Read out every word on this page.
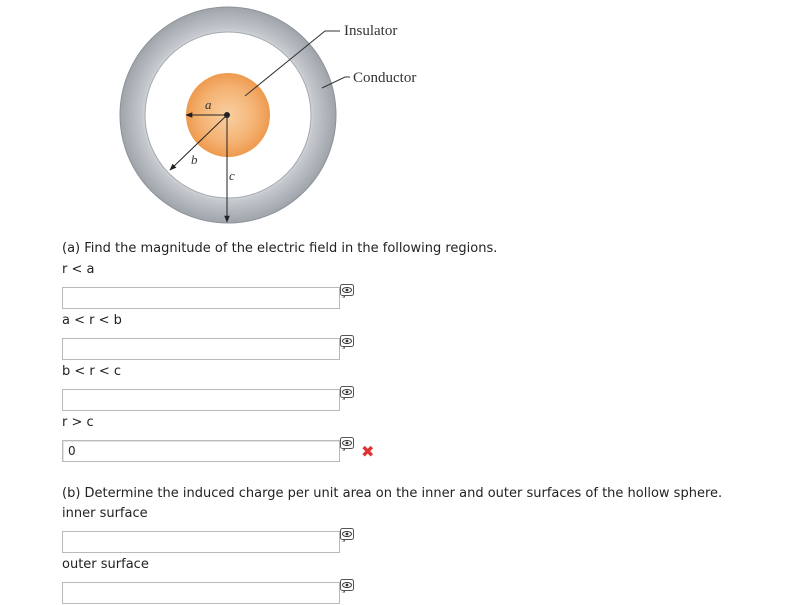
a
b
c
Insulator
Conductor
(a) Find the magnitude of the electric field in the following regions.
r < a
a < r < b
b < r < c
r > c
0
✖
(b) Determine the induced charge per unit area on the inner and outer surfaces of the hollow sphere.
inner surface
outer surface
